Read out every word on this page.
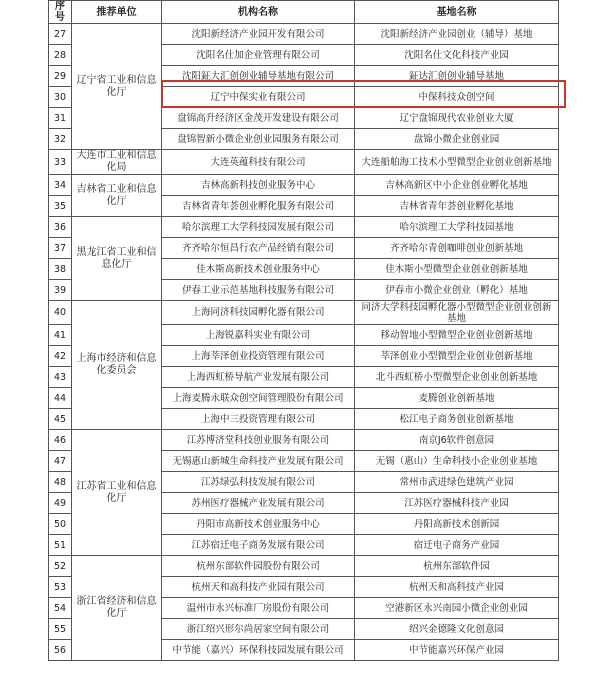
序号	推荐单位	机构名称	基地名称
27	辽宁省工业和信息化厅	沈阳新经济产业园开发有限公司	沈阳新经济产业园创业（辅导）基地
28		沈阳名仕加企业管理有限公司	沈阳名仕文化科技产业园
29		沈阳鉦大汇创创业辅导基地有限公司	鉦达汇创创业辅导基地
30		辽宁中保实业有限公司	中保科技众创空间
31		盘锦高升经济区金茂开发建设有限公司	辽宁盘锦现代农业创业大厦
32		盘锦智新小微企业创业园服务有限公司	盘锦小微企业创业园
33	大连市工业和信息化局	大连英蕴科技有限公司	大连船舶海工技术小型微型企业创业创新基地
34	吉林省工业和信息化厅	吉林高新科技创业服务中心	吉林高新区中小企业创业孵化基地
35		吉林省青年荟创业孵化服务有限公司	吉林省青年荟创业孵化基地
36	黑龙江省工业和信息化厅	哈尔滨理工大学科技园发展有限公司	哈尔滨理工大学科技园基地
37		齐齐哈尔恒昌行农产品经销有限公司	齐齐哈尔青创咖啡创业创新基地
38		佳木斯高新技术创业服务中心	佳木斯小型微型企业创业创新基地
39		伊春工业示范基地科技服务有限公司	伊春市小微企业创业（孵化）基地
40	上海市经济和信息化委员会	上海同济科技园孵化器有限公司	同济大学科技园孵化器小型微型企业创业创新基地
41		上海锐嘉科实业有限公司	移动智地小型微型企业创业创新基地
42		上海莘泽创业投资管理有限公司	莘泽创业小型微型企业创业创新基地
43		上海西虹桥导航产业发展有限公司	北斗西虹桥小型微型企业创业创新基地
44		上海麦腾永联众创空间管理股份有限公司	麦腾创业创新基地
45		上海中三投资管理有限公司	松江电子商务创业创新基地
46	江苏省工业和信息化厅	江苏博济堂科技创业服务有限公司	南京J6软件创意园
47		无锡惠山新城生命科技产业发展有限公司	无锡（惠山）生命科技小企业创业基地
48		江苏绿弘科技发展有限公司	常州市武进绿色建筑产业园
49		苏州医疗器械产业发展有限公司	江苏医疗器械科技产业园
50		丹阳市高新技术创业服务中心	丹阳高新技术创新园
51		江苏宿迁电子商务发展有限公司	宿迁电子商务产业园
52	浙江省经济和信息化厅	杭州东部软件园股份有限公司	杭州东部软件园
53		杭州天和高科技产业园有限公司	杭州天和高科技产业园
54		温州市永兴标准厂房股份有限公司	空港新区永兴南园小微企业创业园
55		浙江绍兴形尔尚居家空间有限公司	绍兴金德隆文化创意园
56		中节能（嘉兴）环保科技园发展有限公司	中节能嘉兴环保产业园
